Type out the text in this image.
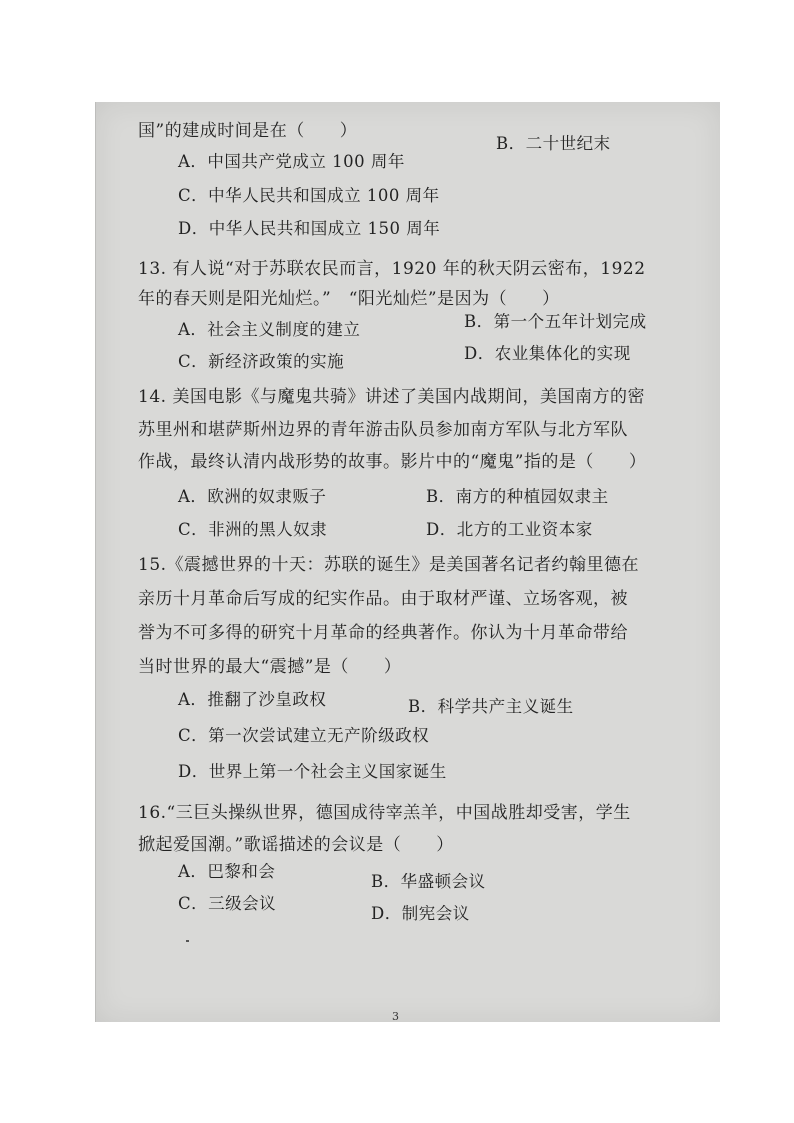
国”的建成时间是在（　　）
A．中国共产党成立 100 周年
B．二十世纪末
C．中华人民共和国成立 100 周年
D．中华人民共和国成立 150 周年
13. 有人说“对于苏联农民而言，1920 年的秋天阴云密布，1922
年的春天则是阳光灿烂。”　“阳光灿烂”是因为（　　）
A．社会主义制度的建立	B．第一个五年计划完成
C．新经济政策的实施	D．农业集体化的实现
14. 美国电影《与魔鬼共骑》讲述了美国内战期间，美国南方的密
苏里州和堪萨斯州边界的青年游击队员参加南方军队与北方军队
作战，最终认清内战形势的故事。影片中的“魔鬼”指的是（　　）
A．欧洲的奴隶贩子	B．南方的种植园奴隶主
C．非洲的黑人奴隶	D．北方的工业资本家
15.《震撼世界的十天：苏联的诞生》是美国著名记者约翰里德在
亲历十月革命后写成的纪实作品。由于取材严谨、立场客观，被
誉为不可多得的研究十月革命的经典著作。你认为十月革命带给
当时世界的最大“震撼”是（　　）
A．推翻了沙皇政权	B．科学共产主义诞生
C．第一次尝试建立无产阶级政权
D．世界上第一个社会主义国家诞生
16.“三巨头操纵世界，德国成待宰羔羊，中国战胜却受害，学生
掀起爱国潮。”歌谣描述的会议是（　　）
A．巴黎和会
B．华盛顿会议
C．三级会议
D．制宪会议
3
